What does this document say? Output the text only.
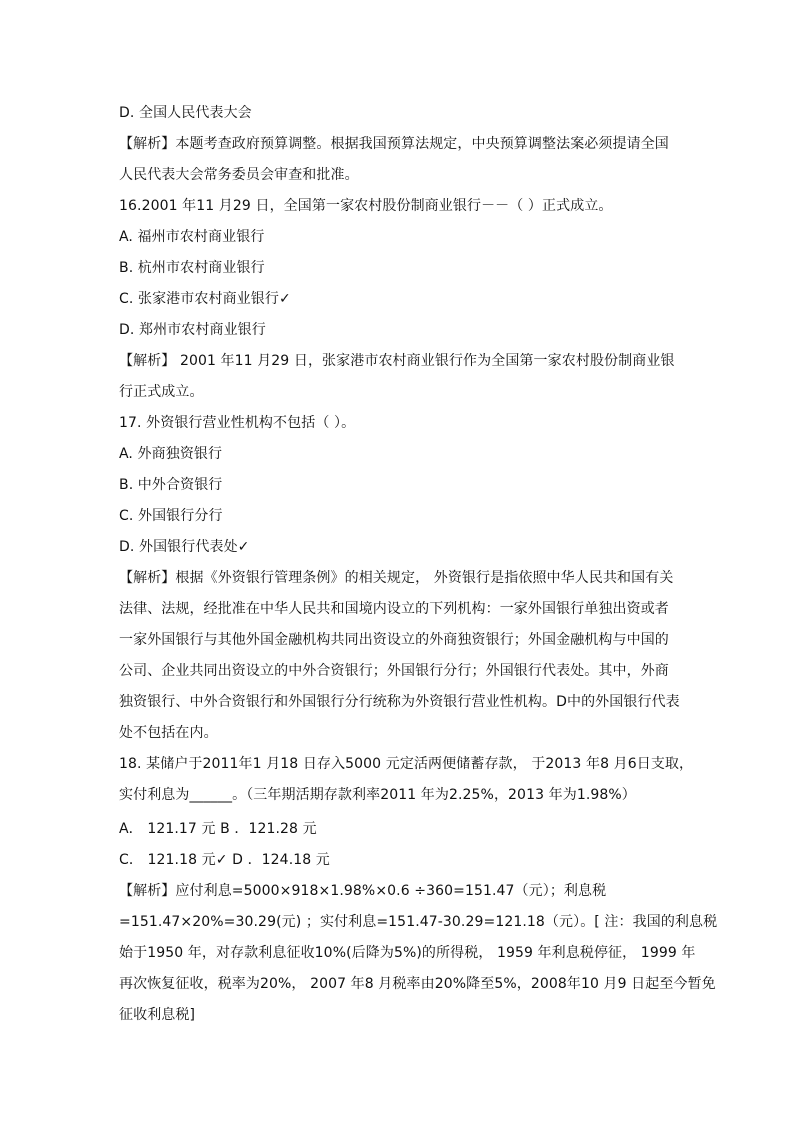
D. 全国人民代表大会
【解析】本题考查政府预算调整。根据我国预算法规定，中央预算调整法案必须提请全国
人民代表大会常务委员会审查和批准。
16.2001 年11 月29 日，全国第一家农村股份制商业银行－－（ ）正式成立。
A. 福州市农村商业银行
B. 杭州市农村商业银行
C. 张家港市农村商业银行✓
D. 郑州市农村商业银行
【解析】 2001 年11 月29 日，张家港市农村商业银行作为全国第一家农村股份制商业银
行正式成立。
17. 外资银行营业性机构不包括（ ）。
A. 外商独资银行
B. 中外合资银行
C. 外国银行分行
D. 外国银行代表处✓
【解析】根据《外资银行管理条例》的相关规定， 外资银行是指依照中华人民共和国有关
法律、法规，经批准在中华人民共和国境内设立的下列机构：一家外国银行单独出资或者
一家外国银行与其他外国金融机构共同出资设立的外商独资银行；外国金融机构与中国的
公司、企业共同出资设立的中外合资银行；外国银行分行；外国银行代表处。其中，外商
独资银行、中外合资银行和外国银行分行统称为外资银行营业性机构。D中的外国银行代表
处不包括在内。
18. 某储户于2011年1 月18 日存入5000 元定活两便储蓄存款， 于2013 年8 月6日支取，
实付利息为______。（三年期活期存款利率2011 年为2.25%，2013 年为1.98%）
A． 121.17 元 B ．121.28 元
C． 121.18 元✓ D ．124.18 元
【解析】应付利息=5000×918×1.98%×0.6 ÷360=151.47（元）；利息税
=151.47×20%=30.29(元) ；实付利息=151.47-30.29=121.18（元）。[ 注：我国的利息税
始于1950 年，对存款利息征收10%(后降为5%)的所得税， 1959 年利息税停征， 1999 年
再次恢复征收，税率为20%， 2007 年8 月税率由20%降至5%，2008年10 月9 日起至今暂免
征收利息税]
